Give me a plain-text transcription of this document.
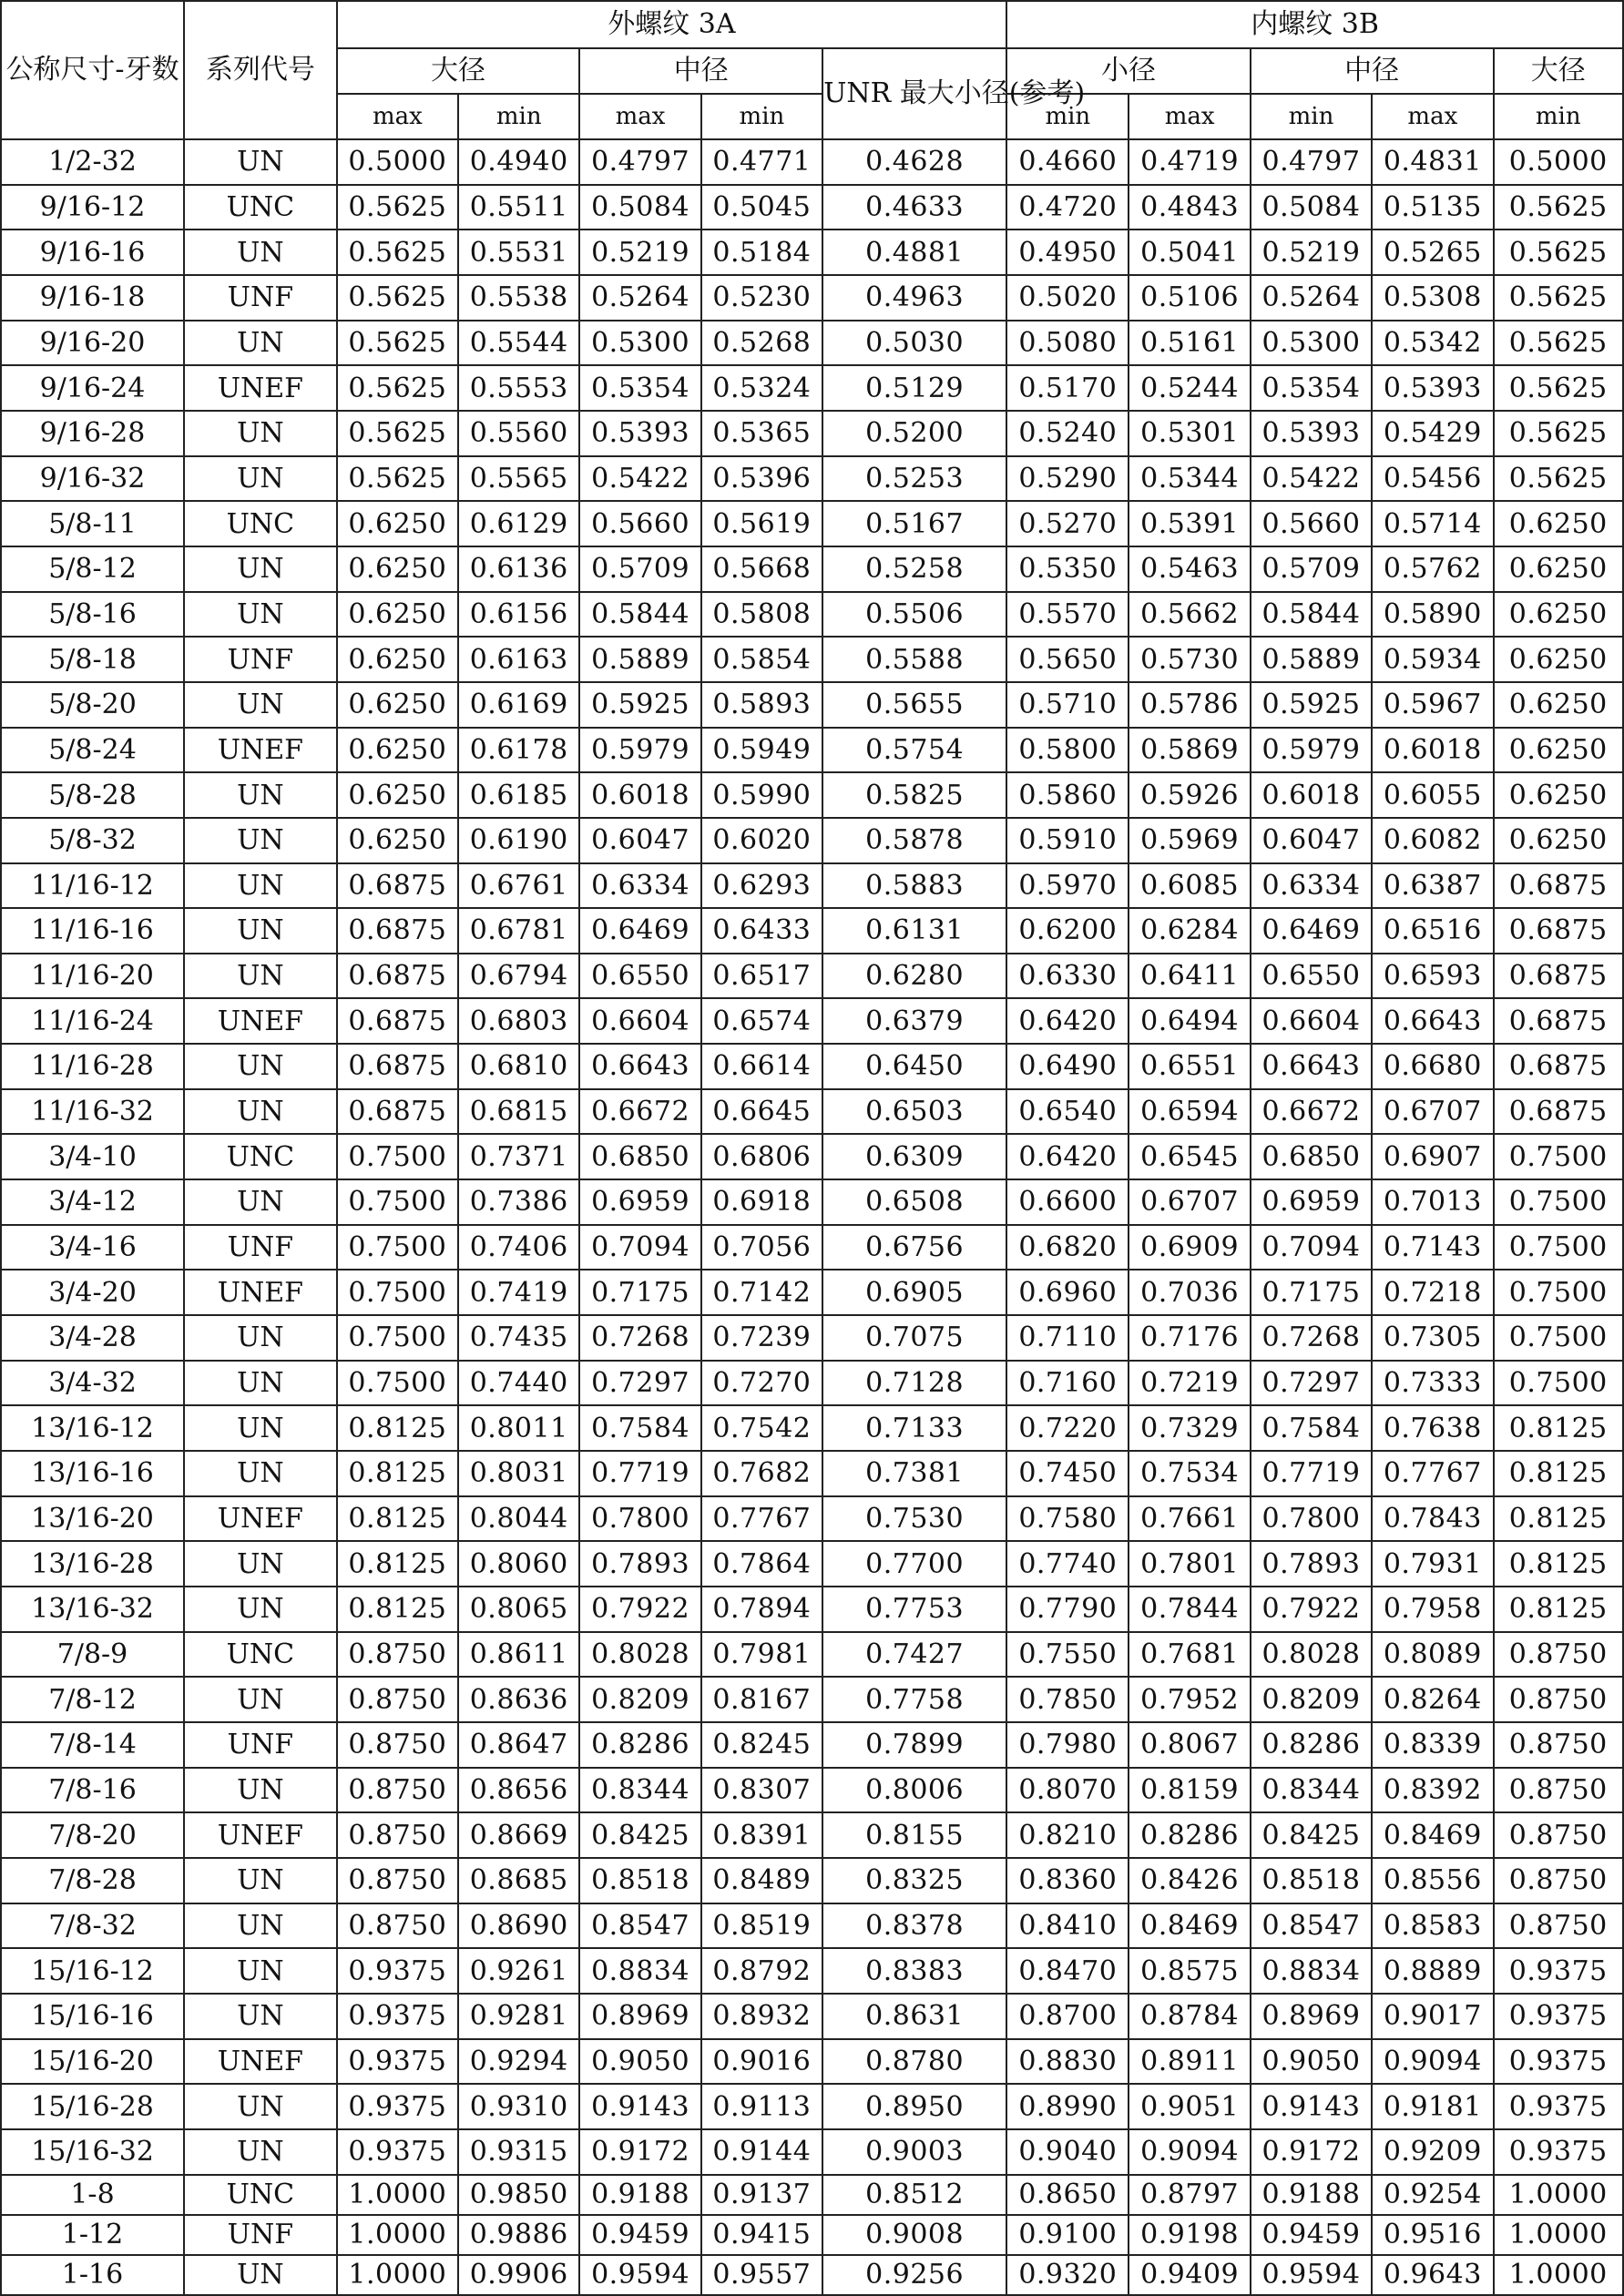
公称尺寸-牙数	系列代号	外螺纹 3A					内螺纹 3B				
		大径		中径		UNR 最大小径(参考)	小径		中径		大径
		max	min	max	min		min	max	min	max	min
1/2-32	UN	0.5000	0.4940	0.4797	0.4771	0.4628	0.4660	0.4719	0.4797	0.4831	0.5000
9/16-12	UNC	0.5625	0.5511	0.5084	0.5045	0.4633	0.4720	0.4843	0.5084	0.5135	0.5625
9/16-16	UN	0.5625	0.5531	0.5219	0.5184	0.4881	0.4950	0.5041	0.5219	0.5265	0.5625
9/16-18	UNF	0.5625	0.5538	0.5264	0.5230	0.4963	0.5020	0.5106	0.5264	0.5308	0.5625
9/16-20	UN	0.5625	0.5544	0.5300	0.5268	0.5030	0.5080	0.5161	0.5300	0.5342	0.5625
9/16-24	UNEF	0.5625	0.5553	0.5354	0.5324	0.5129	0.5170	0.5244	0.5354	0.5393	0.5625
9/16-28	UN	0.5625	0.5560	0.5393	0.5365	0.5200	0.5240	0.5301	0.5393	0.5429	0.5625
9/16-32	UN	0.5625	0.5565	0.5422	0.5396	0.5253	0.5290	0.5344	0.5422	0.5456	0.5625
5/8-11	UNC	0.6250	0.6129	0.5660	0.5619	0.5167	0.5270	0.5391	0.5660	0.5714	0.6250
5/8-12	UN	0.6250	0.6136	0.5709	0.5668	0.5258	0.5350	0.5463	0.5709	0.5762	0.6250
5/8-16	UN	0.6250	0.6156	0.5844	0.5808	0.5506	0.5570	0.5662	0.5844	0.5890	0.6250
5/8-18	UNF	0.6250	0.6163	0.5889	0.5854	0.5588	0.5650	0.5730	0.5889	0.5934	0.6250
5/8-20	UN	0.6250	0.6169	0.5925	0.5893	0.5655	0.5710	0.5786	0.5925	0.5967	0.6250
5/8-24	UNEF	0.6250	0.6178	0.5979	0.5949	0.5754	0.5800	0.5869	0.5979	0.6018	0.6250
5/8-28	UN	0.6250	0.6185	0.6018	0.5990	0.5825	0.5860	0.5926	0.6018	0.6055	0.6250
5/8-32	UN	0.6250	0.6190	0.6047	0.6020	0.5878	0.5910	0.5969	0.6047	0.6082	0.6250
11/16-12	UN	0.6875	0.6761	0.6334	0.6293	0.5883	0.5970	0.6085	0.6334	0.6387	0.6875
11/16-16	UN	0.6875	0.6781	0.6469	0.6433	0.6131	0.6200	0.6284	0.6469	0.6516	0.6875
11/16-20	UN	0.6875	0.6794	0.6550	0.6517	0.6280	0.6330	0.6411	0.6550	0.6593	0.6875
11/16-24	UNEF	0.6875	0.6803	0.6604	0.6574	0.6379	0.6420	0.6494	0.6604	0.6643	0.6875
11/16-28	UN	0.6875	0.6810	0.6643	0.6614	0.6450	0.6490	0.6551	0.6643	0.6680	0.6875
11/16-32	UN	0.6875	0.6815	0.6672	0.6645	0.6503	0.6540	0.6594	0.6672	0.6707	0.6875
3/4-10	UNC	0.7500	0.7371	0.6850	0.6806	0.6309	0.6420	0.6545	0.6850	0.6907	0.7500
3/4-12	UN	0.7500	0.7386	0.6959	0.6918	0.6508	0.6600	0.6707	0.6959	0.7013	0.7500
3/4-16	UNF	0.7500	0.7406	0.7094	0.7056	0.6756	0.6820	0.6909	0.7094	0.7143	0.7500
3/4-20	UNEF	0.7500	0.7419	0.7175	0.7142	0.6905	0.6960	0.7036	0.7175	0.7218	0.7500
3/4-28	UN	0.7500	0.7435	0.7268	0.7239	0.7075	0.7110	0.7176	0.7268	0.7305	0.7500
3/4-32	UN	0.7500	0.7440	0.7297	0.7270	0.7128	0.7160	0.7219	0.7297	0.7333	0.7500
13/16-12	UN	0.8125	0.8011	0.7584	0.7542	0.7133	0.7220	0.7329	0.7584	0.7638	0.8125
13/16-16	UN	0.8125	0.8031	0.7719	0.7682	0.7381	0.7450	0.7534	0.7719	0.7767	0.8125
13/16-20	UNEF	0.8125	0.8044	0.7800	0.7767	0.7530	0.7580	0.7661	0.7800	0.7843	0.8125
13/16-28	UN	0.8125	0.8060	0.7893	0.7864	0.7700	0.7740	0.7801	0.7893	0.7931	0.8125
13/16-32	UN	0.8125	0.8065	0.7922	0.7894	0.7753	0.7790	0.7844	0.7922	0.7958	0.8125
7/8-9	UNC	0.8750	0.8611	0.8028	0.7981	0.7427	0.7550	0.7681	0.8028	0.8089	0.8750
7/8-12	UN	0.8750	0.8636	0.8209	0.8167	0.7758	0.7850	0.7952	0.8209	0.8264	0.8750
7/8-14	UNF	0.8750	0.8647	0.8286	0.8245	0.7899	0.7980	0.8067	0.8286	0.8339	0.8750
7/8-16	UN	0.8750	0.8656	0.8344	0.8307	0.8006	0.8070	0.8159	0.8344	0.8392	0.8750
7/8-20	UNEF	0.8750	0.8669	0.8425	0.8391	0.8155	0.8210	0.8286	0.8425	0.8469	0.8750
7/8-28	UN	0.8750	0.8685	0.8518	0.8489	0.8325	0.8360	0.8426	0.8518	0.8556	0.8750
7/8-32	UN	0.8750	0.8690	0.8547	0.8519	0.8378	0.8410	0.8469	0.8547	0.8583	0.8750
15/16-12	UN	0.9375	0.9261	0.8834	0.8792	0.8383	0.8470	0.8575	0.8834	0.8889	0.9375
15/16-16	UN	0.9375	0.9281	0.8969	0.8932	0.8631	0.8700	0.8784	0.8969	0.9017	0.9375
15/16-20	UNEF	0.9375	0.9294	0.9050	0.9016	0.8780	0.8830	0.8911	0.9050	0.9094	0.9375
15/16-28	UN	0.9375	0.9310	0.9143	0.9113	0.8950	0.8990	0.9051	0.9143	0.9181	0.9375
15/16-32	UN	0.9375	0.9315	0.9172	0.9144	0.9003	0.9040	0.9094	0.9172	0.9209	0.9375
1-8	UNC	1.0000	0.9850	0.9188	0.9137	0.8512	0.8650	0.8797	0.9188	0.9254	1.0000
1-12	UNF	1.0000	0.9886	0.9459	0.9415	0.9008	0.9100	0.9198	0.9459	0.9516	1.0000
1-16	UN	1.0000	0.9906	0.9594	0.9557	0.9256	0.9320	0.9409	0.9594	0.9643	1.0000
